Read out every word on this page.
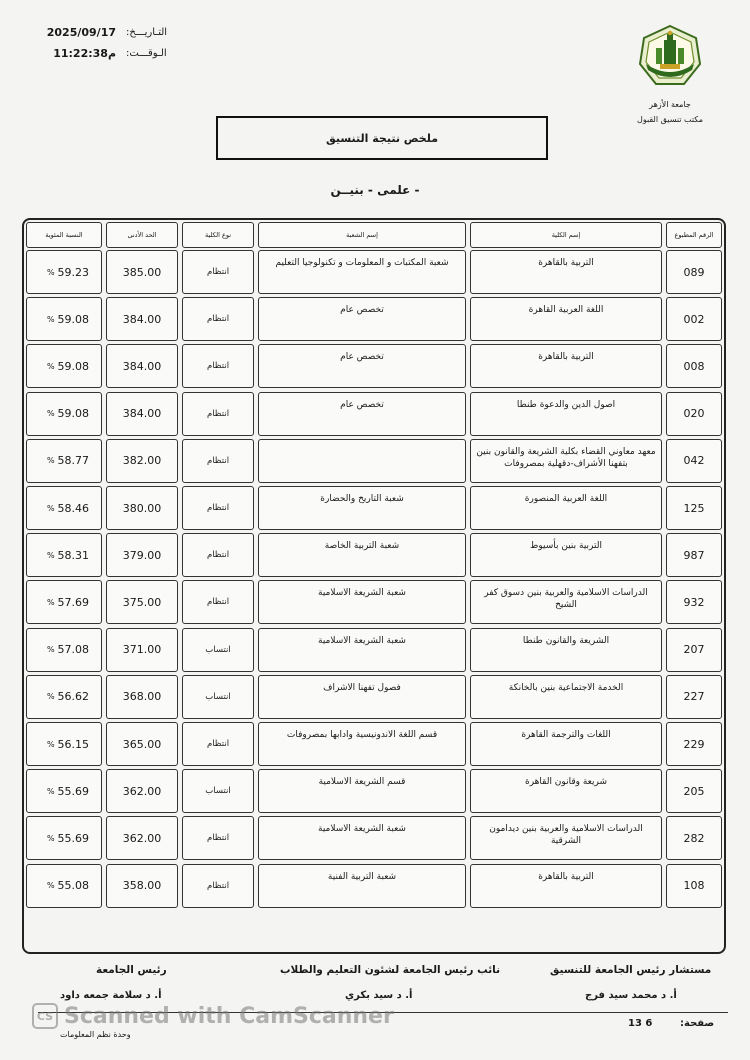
2025/09/17 التـاريـــخ:
11:22:38م الـوقـــت:
جامعة الأزهر
مكتب تنسيق القبول
ملخص نتيجة التنسيق
- علمى - بنيــن
الرقم المطبوع
إسم الكلية
إسم الشعبة
نوع الكلية
الحد الأدنى
النسبة المئوية
089
التربية بالقاهرة
شعبة المكتبات و المعلومات و تكنولوجيا التعليم
انتظام
385.00
% 59.23
002
اللغة العربية القاهرة
تخصص عام
انتظام
384.00
% 59.08
008
التربية بالقاهرة
تخصص عام
انتظام
384.00
% 59.08
020
اصول الدين والدعوة طنطا
تخصص عام
انتظام
384.00
% 59.08
042
معهد معاوني القضاء بكلية الشريعة والقانون بنين بتفهنا الأشراف-دقهلية بمصروفات
انتظام
382.00
% 58.77
125
اللغة العربية المنصورة
شعبة التاريخ والحضارة
انتظام
380.00
% 58.46
987
التربية بنين بأسيوط
شعبة التربية الخاصة
انتظام
379.00
% 58.31
932
الدراسات الاسلامية والعربية بنين دسوق كفر الشيخ
شعبة الشريعة الاسلامية
انتظام
375.00
% 57.69
207
الشريعة والقانون طنطا
شعبة الشريعة الاسلامية
انتساب
371.00
% 57.08
227
الخدمة الاجتماعية بنين بالخانكة
فصول تفهنا الاشراف
انتساب
368.00
% 56.62
229
اللغات والترجمة القاهرة
قسم اللغة الاندونيسية وادابها بمصروفات
انتظام
365.00
% 56.15
205
شريعة وقانون القاهرة
قسم الشريعة الاسلامية
انتساب
362.00
% 55.69
282
الدراسات الاسلامية والعربية بنين ديدامون الشرقية
شعبة الشريعة الاسلامية
انتظام
362.00
% 55.69
108
التربية بالقاهرة
شعبة التربية الفنية
انتظام
358.00
% 55.08
مستشار رئيس الجامعة للتنسيق
أ. د محمد سيد فرج
نائب رئيس الجامعة لشئون التعليم والطلاب
أ. د سيد بكري
رئيس الجامعة
أ. د سلامة جمعه داود
صفحة:
13 6
وحدة نظم المعلومات
CS Scanned with CamScanner
